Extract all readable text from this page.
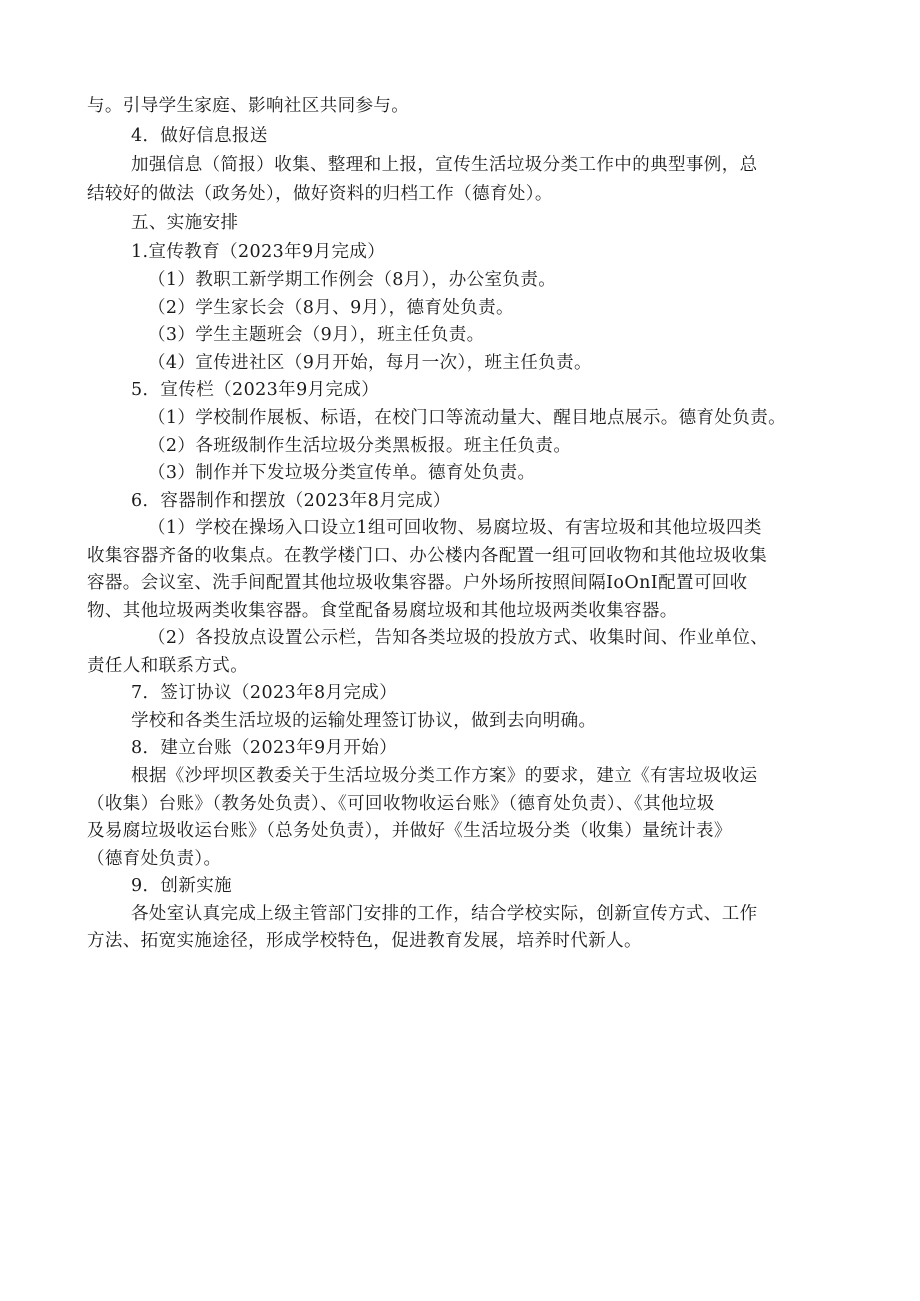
与。引导学生家庭、影响社区共同参与。
4．做好信息报送
加强信息（简报）收集、整理和上报，宣传生活垃圾分类工作中的典型事例，总
结较好的做法（政务处），做好资料的归档工作（德育处）。
五、实施安排
1.宣传教育（2023年9月完成）
（1）教职工新学期工作例会（8月），办公室负责。
（2）学生家长会（8月、9月），德育处负责。
（3）学生主题班会（9月），班主任负责。
（4）宣传进社区（9月开始，每月一次），班主任负责。
5．宣传栏（2023年9月完成）
（1）学校制作展板、标语，在校门口等流动量大、醒目地点展示。德育处负责。
（2）各班级制作生活垃圾分类黑板报。班主任负责。
（3）制作并下发垃圾分类宣传单。德育处负责。
6．容器制作和摆放（2023年8月完成）
（1）学校在操场入口设立1组可回收物、易腐垃圾、有害垃圾和其他垃圾四类
收集容器齐备的收集点。在教学楼门口、办公楼内各配置一组可回收物和其他垃圾收集
容器。会议室、洗手间配置其他垃圾收集容器。户外场所按照间隔IoOnI配置可回收
物、其他垃圾两类收集容器。食堂配备易腐垃圾和其他垃圾两类收集容器。
（2）各投放点设置公示栏，告知各类垃圾的投放方式、收集时间、作业单位、
责任人和联系方式。
7．签订协议（2023年8月完成）
学校和各类生活垃圾的运输处理签订协议，做到去向明确。
8．建立台账（2023年9月开始）
根据《沙坪坝区教委关于生活垃圾分类工作方案》的要求，建立《有害垃圾收运
（收集）台账》（教务处负责）、《可回收物收运台账》（德育处负责）、《其他垃圾
及易腐垃圾收运台账》（总务处负责），并做好《生活垃圾分类（收集）量统计表》
（德育处负责）。
9．创新实施
各处室认真完成上级主管部门安排的工作，结合学校实际，创新宣传方式、工作
方法、拓宽实施途径，形成学校特色，促进教育发展，培养时代新人。
